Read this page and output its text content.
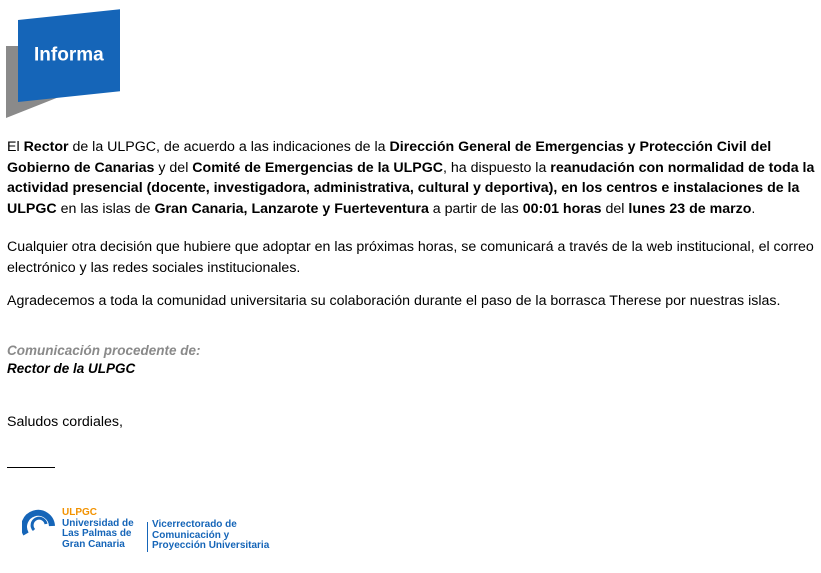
Informa

El Rector de la ULPGC, de acuerdo a las indicaciones de la Dirección General de Emergencias y Protección Civil del Gobierno de Canarias y del Comité de Emergencias de la ULPGC, ha dispuesto la reanudación con normalidad de toda la actividad presencial (docente, investigadora, administrativa, cultural y deportiva), en los centros e instalaciones de la ULPGC en las islas de Gran Canaria, Lanzarote y Fuerteventura a partir de las 00:01 horas del lunes 23 de marzo.

Cualquier otra decisión que hubiere que adoptar en las próximas horas, se comunicará a través de la web institucional, el correo electrónico y las redes sociales institucionales.

Agradecemos a toda la comunidad universitaria su colaboración durante el paso de la borrasca Therese por nuestras islas.

Comunicación procedente de:
Rector de la ULPGC
Saludos cordiales,
ULPGC
Universidad de
Las Palmas de
Gran Canaria
Vicerrectorado de
Comunicación y
Proyección Universitaria
